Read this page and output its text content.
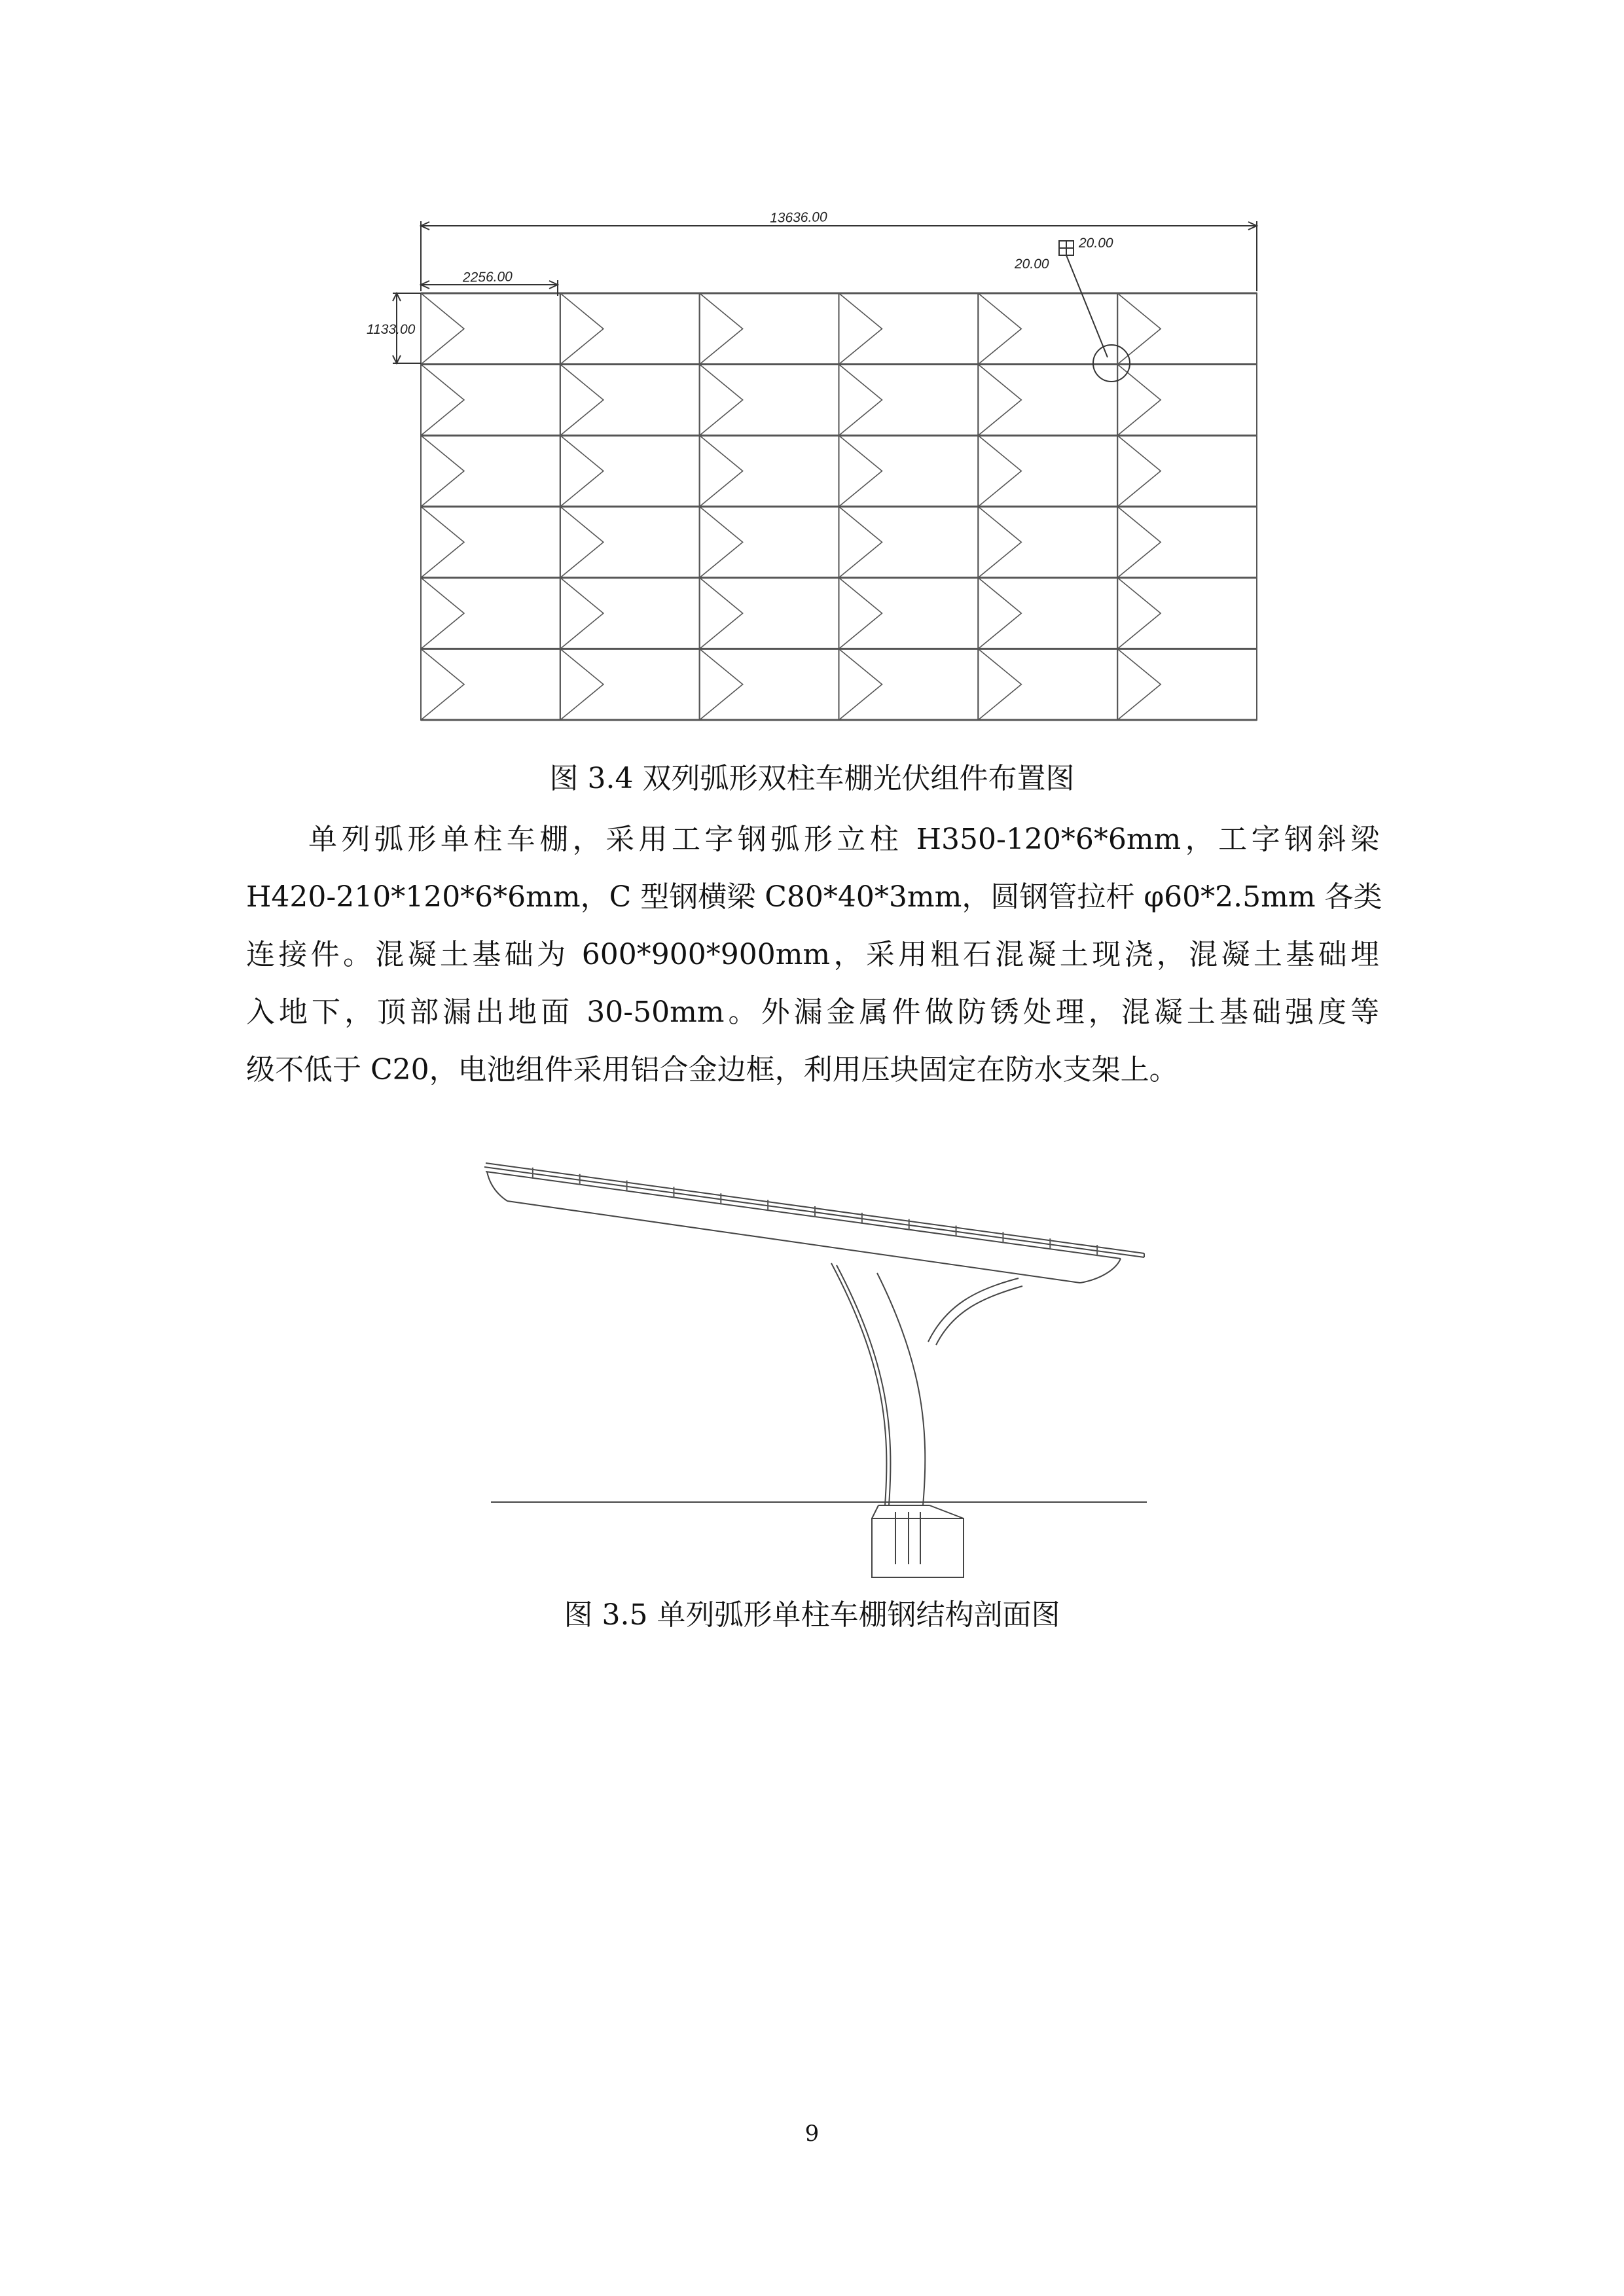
13636.00
2256.00
1133.00
20.00
20.00
图 3.4 双列弧形双柱车棚光伏组件布置图
单列弧形单柱车棚，采用工字钢弧形立柱 H350-120*6*6mm，工字钢斜梁
H420-210*120*6*6mm，C 型钢横梁 C80*40*3mm，圆钢管拉杆 φ60*2.5mm 各类
连接件。混凝土基础为 600*900*900mm，采用粗石混凝土现浇，混凝土基础埋
入地下，顶部漏出地面 30-50mm。外漏金属件做防锈处理，混凝土基础强度等
级不低于 C20，电池组件采用铝合金边框，利用压块固定在防水支架上。
图 3.5 单列弧形单柱车棚钢结构剖面图
9
